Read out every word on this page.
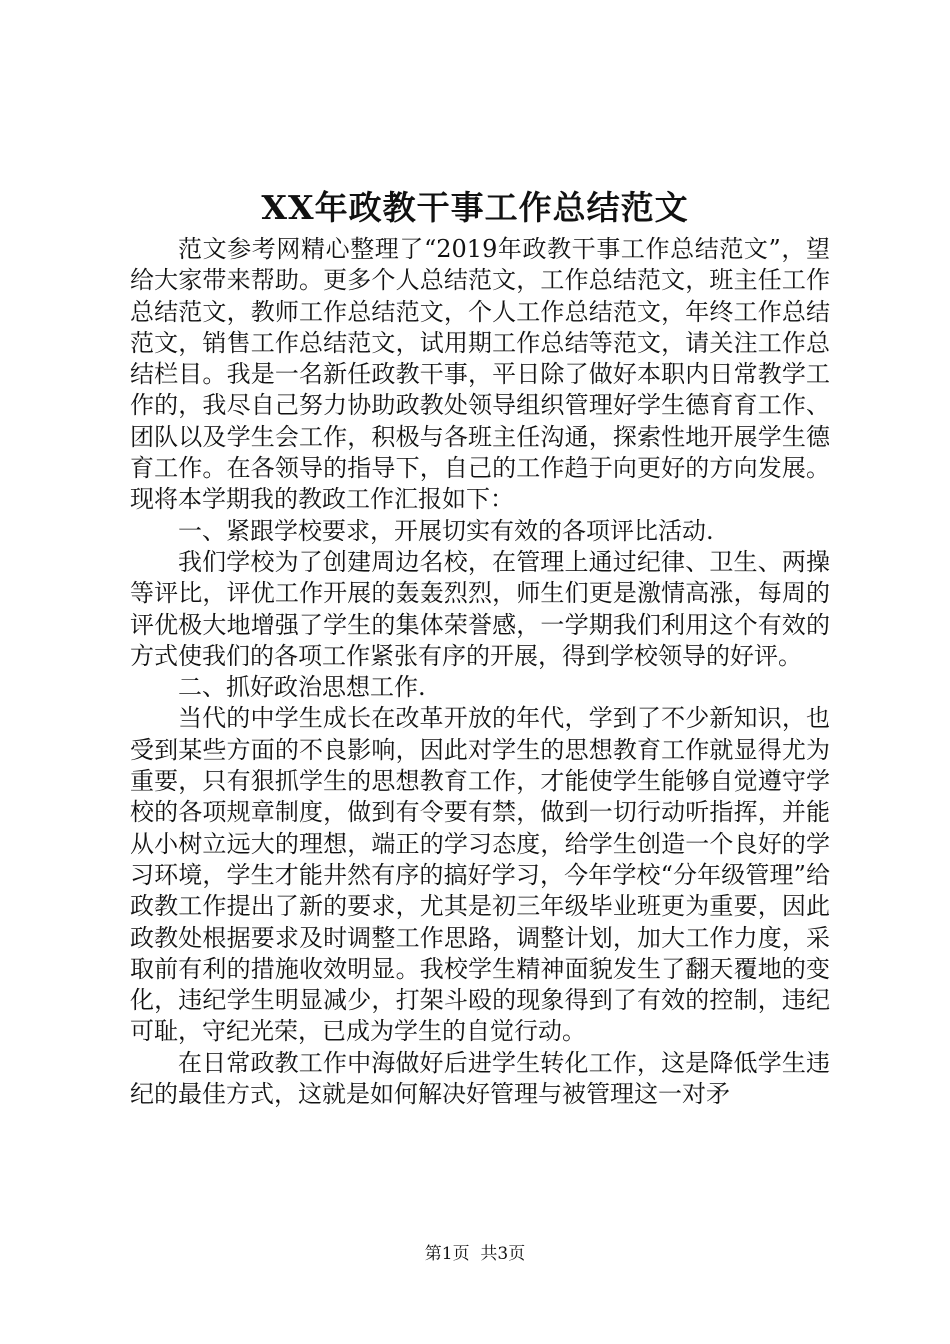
XX年政教干事工作总结范文

范文参考网精心整理了“2019年政教干事工作总结范文”，望给大家带来帮助。更多个人总结范文，工作总结范文，班主任工作总结范文，教师工作总结范文，个人工作总结范文，年终工作总结范文，销售工作总结范文，试用期工作总结等范文，请关注工作总结栏目。我是一名新任政教干事，平日除了做好本职内日常教学工作的，我尽自己努力协助政教处领导组织管理好学生德育育工作、团队以及学生会工作，积极与各班主任沟通，探索性地开展学生德育工作。在各领导的指导下，自己的工作趋于向更好的方向发展。现将本学期我的教政工作汇报如下：

一、紧跟学校要求，开展切实有效的各项评比活动.

我们学校为了创建周边名校，在管理上通过纪律、卫生、两操等评比，评优工作开展的轰轰烈烈，师生们更是激情高涨，每周的评优极大地增强了学生的集体荣誉感，一学期我们利用这个有效的方式使我们的各项工作紧张有序的开展，得到学校领导的好评。

二、抓好政治思想工作.

当代的中学生成长在改革开放的年代，学到了不少新知识，也受到某些方面的不良影响，因此对学生的思想教育工作就显得尤为重要，只有狠抓学生的思想教育工作，才能使学生能够自觉遵守学校的各项规章制度，做到有令要有禁，做到一切行动听指挥，并能从小树立远大的理想，端正的学习态度，给学生创造一个良好的学习环境，学生才能井然有序的搞好学习，今年学校“分年级管理”给政教工作提出了新的要求，尤其是初三年级毕业班更为重要，因此政教处根据要求及时调整工作思路，调整计划，加大工作力度，采取前有利的措施收效明显。我校学生精神面貌发生了翻天覆地的变化，违纪学生明显减少，打架斗殴的现象得到了有效的控制，违纪可耻，守纪光荣，已成为学生的自觉行动。

在日常政教工作中海做好后进学生转化工作，这是降低学生违纪的最佳方式，这就是如何解决好管理与被管理这一对矛

第1页 共3页
